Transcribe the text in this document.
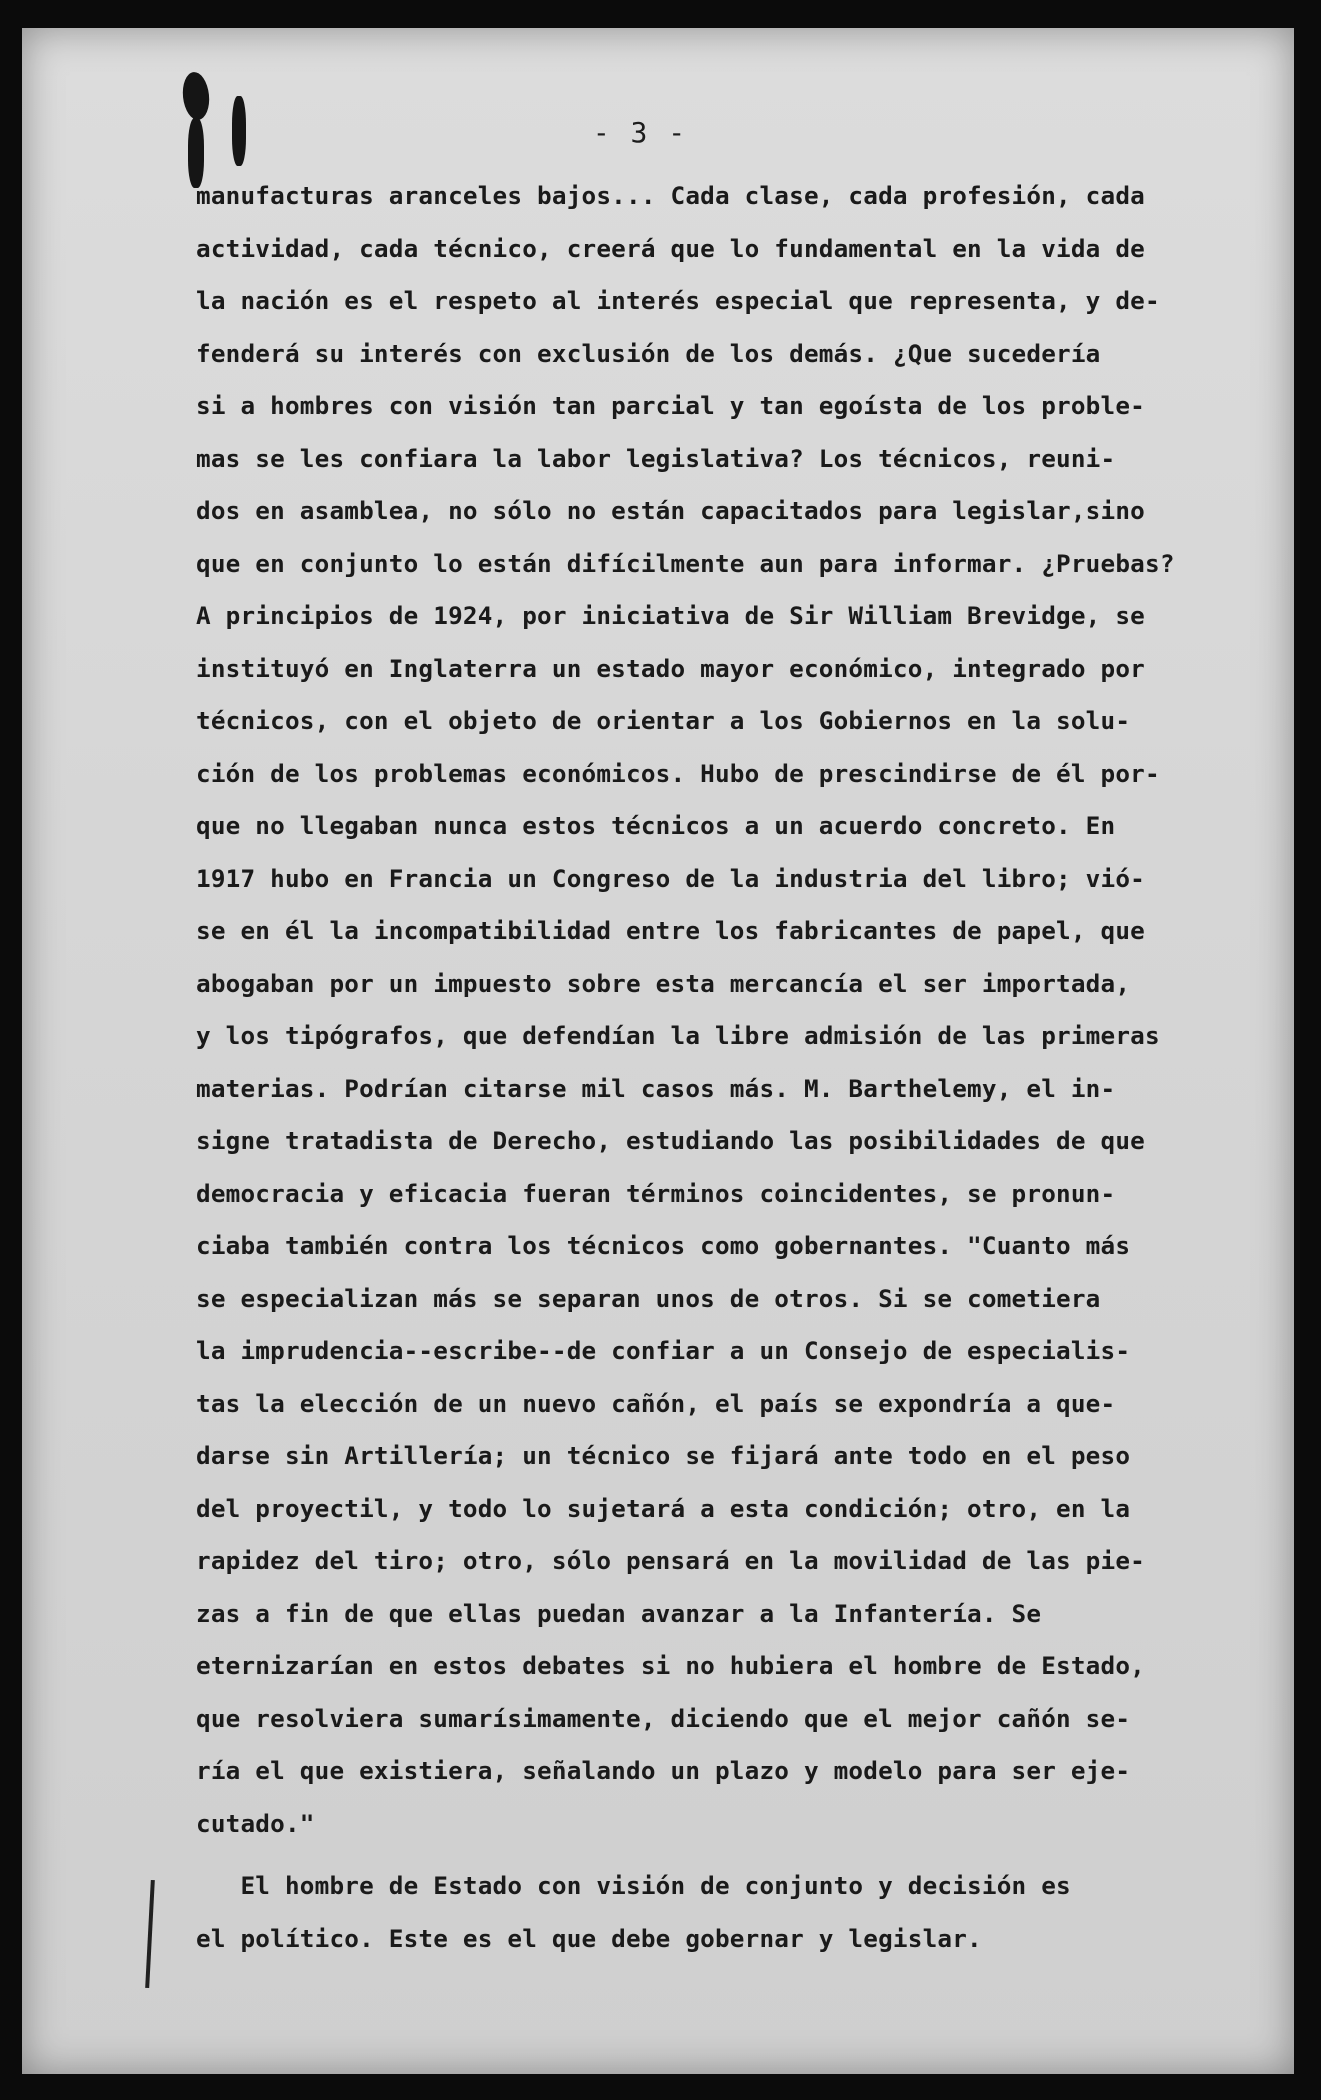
- 3 -
manufacturas aranceles bajos... Cada clase, cada profesión, cada
actividad, cada técnico, creerá que lo fundamental en la vida de
la nación es el respeto al interés especial que representa, y de-
fenderá su interés con exclusión de los demás. ¿Que sucedería
si a hombres con visión tan parcial y tan egoísta de los proble-
mas se les confiara la labor legislativa? Los técnicos, reuni-
dos en asamblea, no sólo no están capacitados para legislar,sino
que en conjunto lo están difícilmente aun para informar. ¿Pruebas?
A principios de 1924, por iniciativa de Sir William Brevidge, se
instituyó en Inglaterra un estado mayor económico, integrado por
técnicos, con el objeto de orientar a los Gobiernos en la solu-
ción de los problemas económicos. Hubo de prescindirse de él por-
que no llegaban nunca estos técnicos a un acuerdo concreto. En
1917 hubo en Francia un Congreso de la industria del libro; vió-
se en él la incompatibilidad entre los fabricantes de papel, que
abogaban por un impuesto sobre esta mercancía el ser importada,
y los tipógrafos, que defendían la libre admisión de las primeras
materias. Podrían citarse mil casos más. M. Barthelemy, el in-
signe tratadista de Derecho, estudiando las posibilidades de que
democracia y eficacia fueran términos coincidentes, se pronun-
ciaba también contra los técnicos como gobernantes. "Cuanto más
se especializan más se separan unos de otros. Si se cometiera
la imprudencia--escribe--de confiar a un Consejo de especialis-
tas la elección de un nuevo cañón, el país se expondría a que-
darse sin Artillería; un técnico se fijará ante todo en el peso
del proyectil, y todo lo sujetará a esta condición; otro, en la
rapidez del tiro; otro, sólo pensará en la movilidad de las pie-
zas a fin de que ellas puedan avanzar a la Infantería. Se
eternizarían en estos debates si no hubiera el hombre de Estado,
que resolviera sumarísimamente, diciendo que el mejor cañón se-
ría el que existiera, señalando un plazo y modelo para ser eje-
cutado."
El hombre de Estado con visión de conjunto y decisión es
el político. Este es el que debe gobernar y legislar.
